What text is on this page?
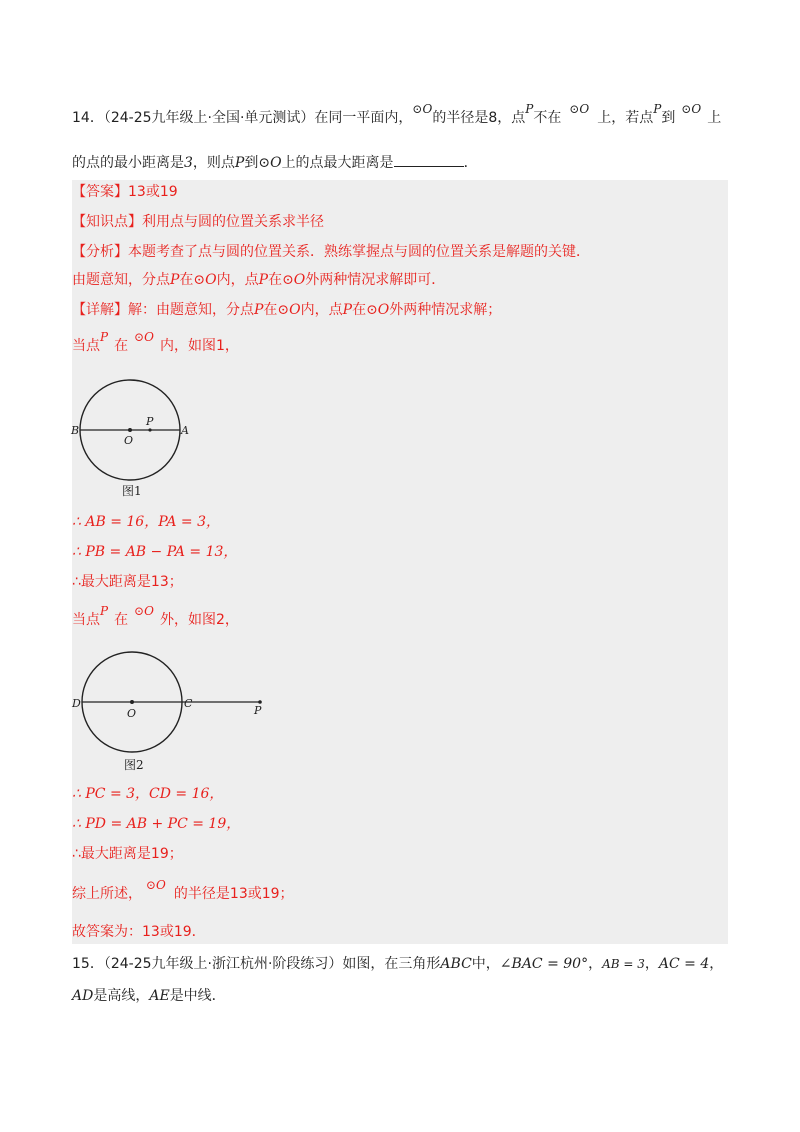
14．（24-25九年级上·全国·单元测试）在同一平面内，⊙O的半径是8，点P不在⊙O上，若点P到⊙O上
的点的最小距离是3，则点P到⊙O上的点最大距离是	．
【答案】13或19
【知识点】利用点与圆的位置关系求半径
【分析】本题考查了点与圆的位置关系．熟练掌握点与圆的位置关系是解题的关键．
由题意知，分点P在⊙O内，点P在⊙O外两种情况求解即可．
【详解】解：由题意知，分点P在⊙O内，点P在⊙O外两种情况求解；
当点P在⊙O内，如图1，
B
O
P
A
图1
∴ AB = 16，PA = 3，
∴ PB = AB − PA = 13，
∴最大距离是13；
当点P在⊙O外，如图2，
D
O
C
P
图2
∴ PC = 3，CD = 16，
∴ PD = AB + PC = 19，
∴最大距离是19；
综上所述，⊙O的半径是13或19；
故答案为：13或19．
15．（24-25九年级上·浙江杭州·阶段练习）如图，在三角形ABC中，∠BAC = 90°，AB = 3，AC = 4，
AD是高线，AE是中线．
